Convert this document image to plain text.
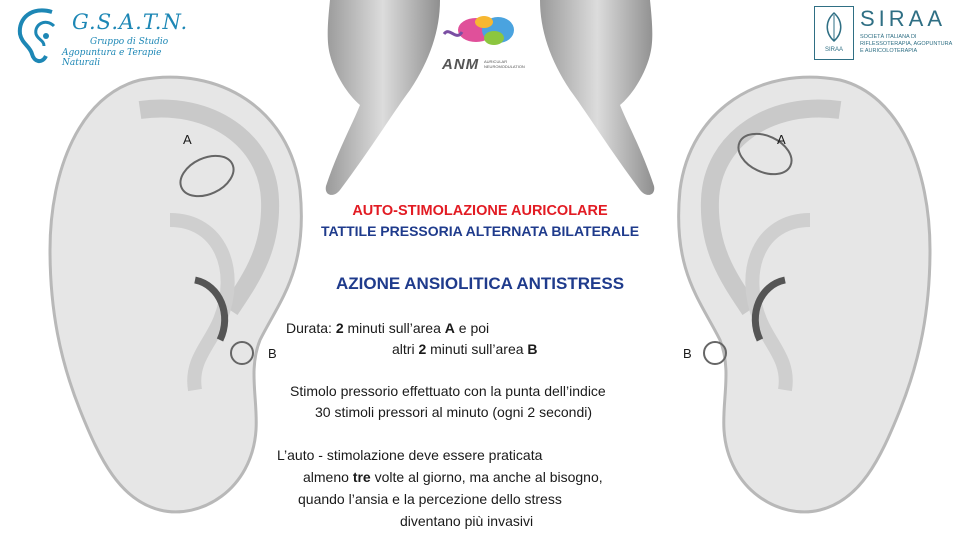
G.S.A.T.N.
Gruppo di Studio
Agopuntura e Terapie Naturali	ANM AURICULAR NEUROMODULATION
SIRAA
SIRAA
SOCIETÀ ITALIANA DI RIFLESSOTERAPIA, AGOPUNTURA E AURICOLOTERAPIA
A
B
A
B
AUTO-STIMOLAZIONE AURICOLARE
TATTILE PRESSORIA ALTERNATA BILATERALE
AZIONE ANSIOLITICA ANTISTRESS
Durata: 2 minuti sull’area A e poi
altri 2 minuti sull’area B
Stimolo pressorio effettuato con la punta dell’indice
30 stimoli pressori al minuto (ogni 2 secondi)
L’auto - stimolazione deve essere praticata
almeno tre volte al giorno, ma anche al bisogno,
quando l’ansia e la percezione dello stress
diventano più invasivi
